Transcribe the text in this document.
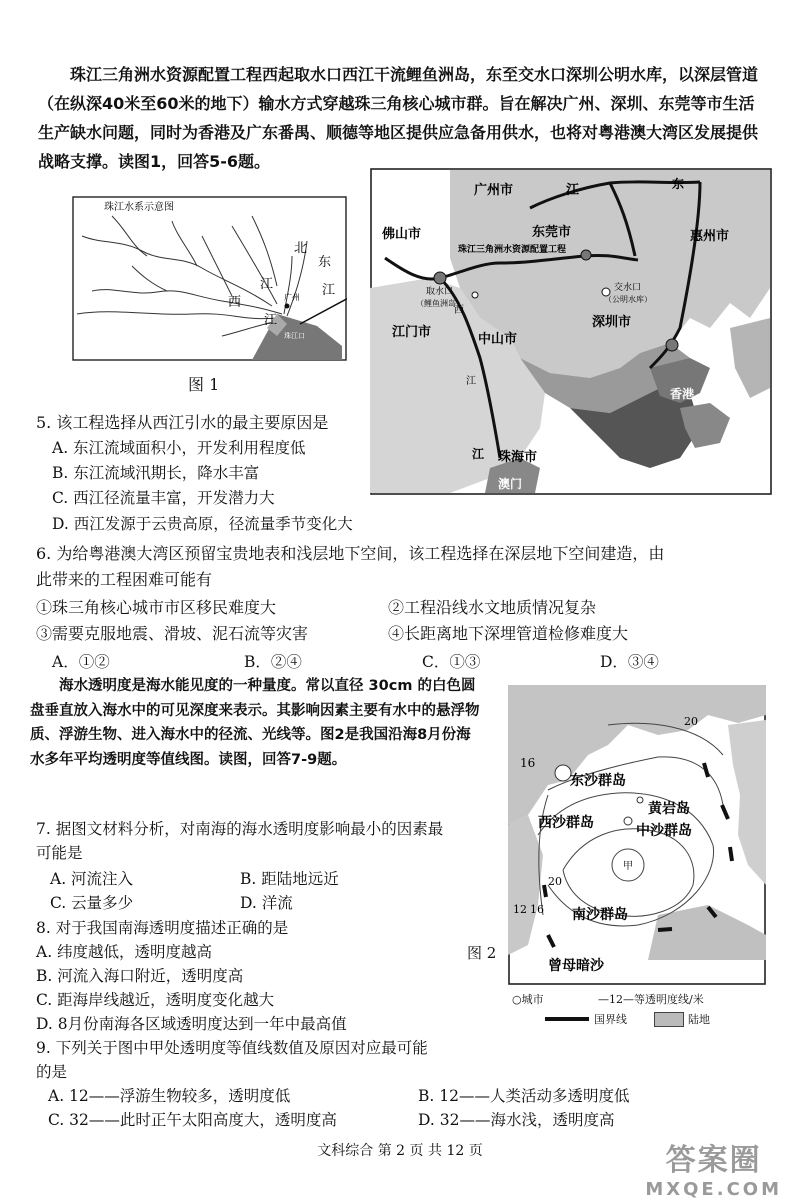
珠江三角洲水资源配置工程西起取水口西江干流鲤鱼洲岛，东至交水口深圳公明水库，以深层管道（在纵深40米至60米的地下）输水方式穿越珠三角核心城市群。旨在解决广州、深圳、东莞等市生活生产缺水问题，同时为香港及广东番禺、顺德等地区提供应急备用供水，也将对粤港澳大湾区发展提供战略支撑。读图1，回答5-6题。
珠江水系示意图
北
东
江	江
西
江
广州
珠江口
图 1
广州市
东莞市	惠州市
佛山市
深圳市
江门市	中山市
珠海市
澳门
香港
江	东
江
珠江三角洲水资源配置工程
取水口
（鲤鱼洲岛）
交水口
（公明水库）
西
江
5. 该工程选择从西江引水的最主要原因是
A. 东江流域面积小，开发利用程度低
B. 东江流域汛期长，降水丰富
C. 西江径流量丰富，开发潜力大
D. 西江发源于云贵高原，径流量季节变化大
6. 为给粤港澳大湾区预留宝贵地表和浅层地下空间，该工程选择在深层地下空间建造，由
此带来的工程困难可能有
①珠三角核心城市市区移民难度大	②工程沿线水文地质情况复杂
③需要克服地震、滑坡、泥石流等灾害	④长距离地下深埋管道检修难度大
A．①②	B．②④	C．①③	D．③④
海水透明度是海水能见度的一种量度。常以直径 30cm 的白色圆盘垂直放入海水中的可见深度来表示。其影响因素主要有水中的悬浮物质、浮游生物、进入海水中的径流、光线等。图2是我国沿海8月份海水多年平均透明度等值线图。读图，回答7-9题。
东沙群岛
西沙群岛
黄岩岛
中沙群岛
南沙群岛
曾母暗沙
甲
20
16
20
12 16
图 2
○城市	—12—等透明度线/米
国界线	陆地
7. 据图文材料分析，对南海的海水透明度影响最小的因素最
可能是
A. 河流注入	B. 距陆地远近
C. 云量多少	D. 洋流
8. 对于我国南海透明度描述正确的是
A. 纬度越低，透明度越高
B. 河流入海口附近，透明度高
C. 距海岸线越近，透明度变化越大
D. 8月份南海各区域透明度达到一年中最高值
9. 下列关于图中甲处透明度等值线数值及原因对应最可能
的是
A. 12——浮游生物较多，透明度低	B. 12——人类活动多透明度低
C. 32——此时正午太阳高度大，透明度高	D. 32——海水浅，透明度高
文科综合 第 2 页 共 12 页	答案圈
MXQE.COM
